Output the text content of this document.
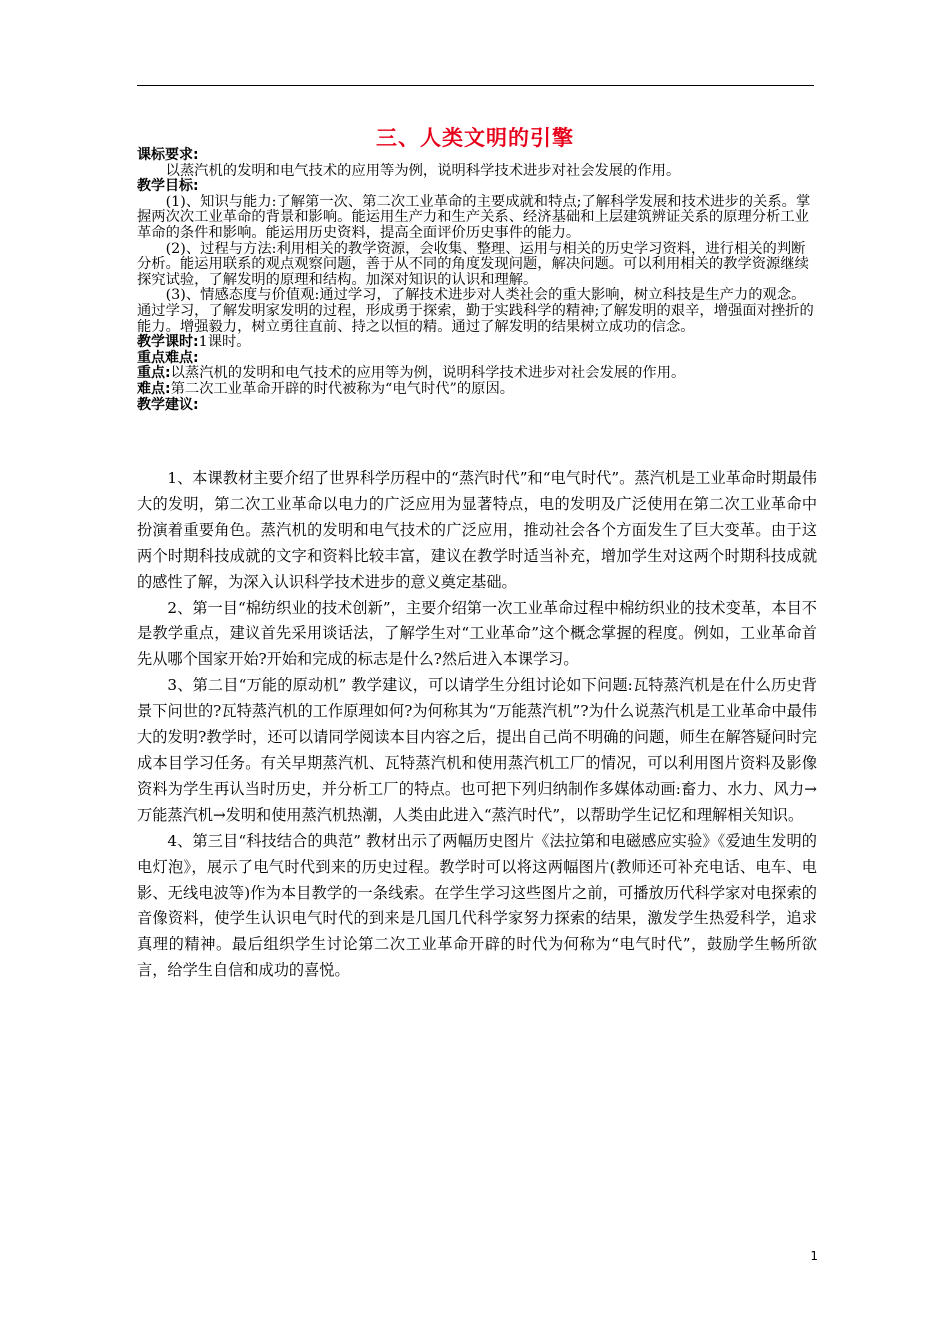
三、人类文明的引擎

课标要求:

以蒸汽机的发明和电气技术的应用等为例，说明科学技术进步对社会发展的作用。

教学目标:

(1)、知识与能力:了解第一次、第二次工业革命的主要成就和特点;了解科学发展和技术进步的关系。掌握两次次工业革命的背景和影响。能运用生产力和生产关系、经济基础和上层建筑辨证关系的原理分析工业革命的条件和影响。能运用历史资料，提高全面评价历史事件的能力。

(2)、过程与方法:利用相关的教学资源，会收集、整理、运用与相关的历史学习资料，进行相关的判断分析。能运用联系的观点观察问题，善于从不同的角度发现问题，解决问题。可以利用相关的教学资源继续探究试验，了解发明的原理和结构。加深对知识的认识和理解。

(3)、情感态度与价值观:通过学习，了解技术进步对人类社会的重大影响，树立科技是生产力的观念。通过学习，了解发明家发明的过程，形成勇于探索，勤于实践科学的精神;了解发明的艰辛，增强面对挫折的能力。增强毅力，树立勇往直前、持之以恒的精。通过了解发明的结果树立成功的信念。

教学课时:1课时。

重点难点:

重点:以蒸汽机的发明和电气技术的应用等为例，说明科学技术进步对社会发展的作用。

难点:第二次工业革命开辟的时代被称为“电气时代”的原因。

教学建议:

1、本课教材主要介绍了世界科学历程中的“蒸汽时代”和“电气时代”。蒸汽机是工业革命时期最伟大的发明，第二次工业革命以电力的广泛应用为显著特点，电的发明及广泛使用在第二次工业革命中扮演着重要角色。蒸汽机的发明和电气技术的广泛应用，推动社会各个方面发生了巨大变革。由于这两个时期科技成就的文字和资料比较丰富，建议在教学时适当补充，增加学生对这两个时期科技成就的感性了解，为深入认识科学技术进步的意义奠定基础。

2、第一目“棉纺织业的技术创新”，主要介绍第一次工业革命过程中棉纺织业的技术变革，本目不是教学重点，建议首先采用谈话法，了解学生对“工业革命”这个概念掌握的程度。例如，工业革命首先从哪个国家开始?开始和完成的标志是什么?然后进入本课学习。

3、第二目“万能的原动机” 教学建议，可以请学生分组讨论如下问题:瓦特蒸汽机是在什么历史背景下问世的?瓦特蒸汽机的工作原理如何?为何称其为“万能蒸汽机”?为什么说蒸汽机是工业革命中最伟大的发明?教学时，还可以请同学阅读本目内容之后，提出自己尚不明确的问题，师生在解答疑问时完成本目学习任务。有关早期蒸汽机、瓦特蒸汽机和使用蒸汽机工厂的情况，可以利用图片资料及影像资料为学生再认当时历史，并分析工厂的特点。也可把下列归纳制作多媒体动画:畜力、水力、风力→万能蒸汽机→发明和使用蒸汽机热潮，人类由此进入“蒸汽时代”，以帮助学生记忆和理解相关知识。

4、第三目“科技结合的典范” 教材出示了两幅历史图片《法拉第和电磁感应实验》《爱迪生发明的电灯泡》，展示了电气时代到来的历史过程。教学时可以将这两幅图片(教师还可补充电话、电车、电影、无线电波等)作为本目教学的一条线索。在学生学习这些图片之前，可播放历代科学家对电探索的音像资料，使学生认识电气时代的到来是几国几代科学家努力探索的结果，激发学生热爱科学，追求真理的精神。最后组织学生讨论第二次工业革命开辟的时代为何称为“电气时代”，鼓励学生畅所欲言，给学生自信和成功的喜悦。

1
